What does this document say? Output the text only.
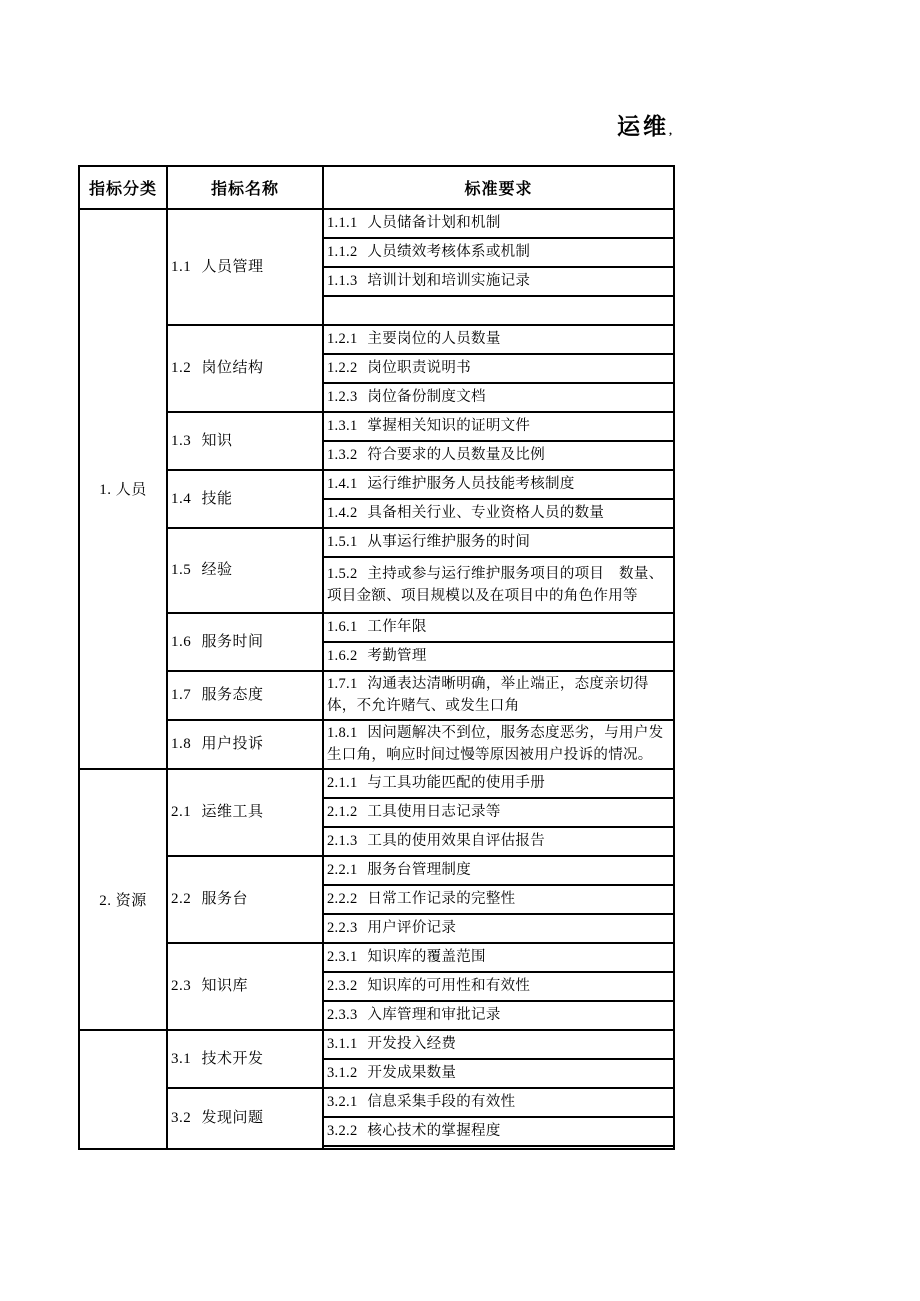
运维,
指标分类	指标名称	标准要求
1. 人员	1.1 人员管理	1.1.1 人员储备计划和机制
		1.1.2 人员绩效考核体系或机制
		1.1.3 培训计划和培训实施记录

	1.2 岗位结构	1.2.1 主要岗位的人员数量
		1.2.2 岗位职责说明书
		1.2.3 岗位备份制度文档
	1.3 知识	1.3.1 掌握相关知识的证明文件
		1.3.2 符合要求的人员数量及比例
	1.4 技能	1.4.1 运行维护服务人员技能考核制度
		1.4.2 具备相关行业、专业资格人员的数量
	1.5 经验	1.5.1 从事运行维护服务的时间
		1.5.2 主持或参与运行维护服务项目的项目　数量、项目金额、项目规模以及在项目中的角色作用等
	1.6 服务时间	1.6.1 工作年限
		1.6.2 考勤管理
	1.7 服务态度	1.7.1 沟通表达清晰明确，举止端正，态度亲切得体，不允许赌气、或发生口角
	1.8 用户投诉	1.8.1 因问题解决不到位，服务态度恶劣，与用户发生口角，响应时间过慢等原因被用户投诉的情况。
2. 资源	2.1 运维工具	2.1.1 与工具功能匹配的使用手册
		2.1.2 工具使用日志记录等
		2.1.3 工具的使用效果自评估报告
	2.2 服务台	2.2.1 服务台管理制度
		2.2.2 日常工作记录的完整性
		2.2.3 用户评价记录
	2.3 知识库	2.3.1 知识库的覆盖范围
		2.3.2 知识库的可用性和有效性
		2.3.3 入库管理和审批记录
	3.1 技术开发	3.1.1 开发投入经费
		3.1.2 开发成果数量
	3.2 发现问题	3.2.1 信息采集手段的有效性
		3.2.2 核心技术的掌握程度
